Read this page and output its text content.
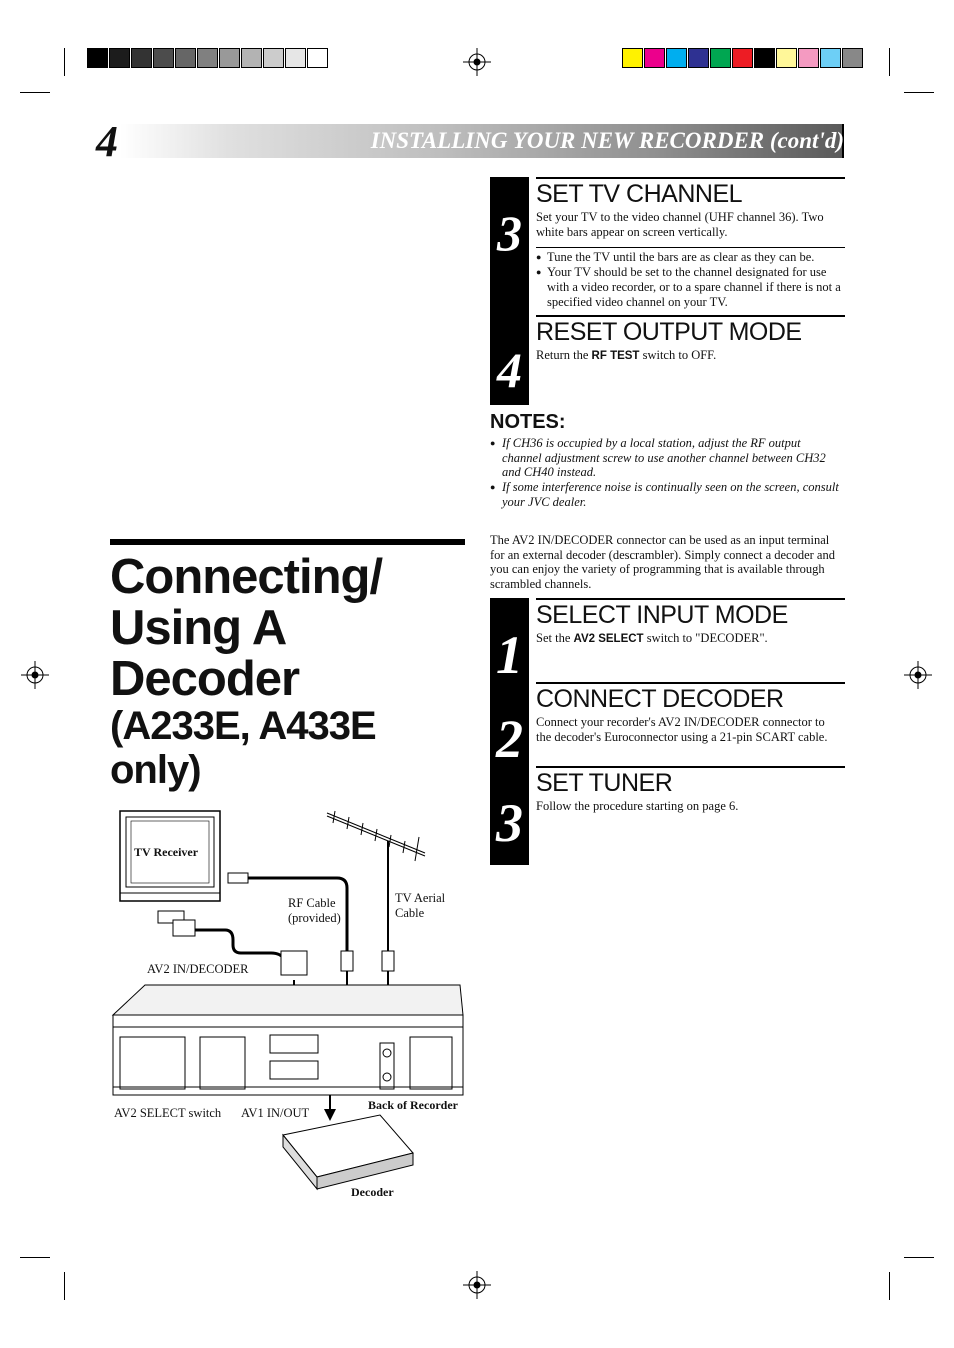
4	INSTALLING YOUR NEW RECORDER (cont'd)
3
SET TV CHANNEL
Set your TV to the video channel (UHF channel 36). Two white bars appear on screen vertically.
● Tune the TV until the bars are as clear as they can be.
● Your TV should be set to the channel designated for use with a video recorder, or to a spare channel if there is not a specified video channel on your TV.
4
RESET OUTPUT MODE
Return the RF TEST switch to OFF.
NOTES:
● If CH36 is occupied by a local station, adjust the RF output channel adjustment screw to use another channel between CH32 and CH40 instead.
● If some interference noise is continually seen on the screen, consult your JVC dealer.
Connecting/
Using A
Decoder
(A233E, A433E
only)
The AV2 IN/DECODER connector can be used as an input terminal for an external decoder (descrambler). Simply connect a decoder and you can enjoy the variety of programming that is available through scrambled channels.
1
SELECT INPUT MODE
Set the AV2 SELECT switch to "DECODER".
2
CONNECT DECODER
Connect your recorder's AV2 IN/DECODER connector to the decoder's Euroconnector using a 21-pin SCART cable.
3
SET TUNER
Follow the procedure starting on page 6.
TV Receiver
RF Cable
(provided)
TV Aerial
Cable
AV2 IN/DECODER
AV2 SELECT switch AV1 IN/OUT
Back of Recorder
Decoder
